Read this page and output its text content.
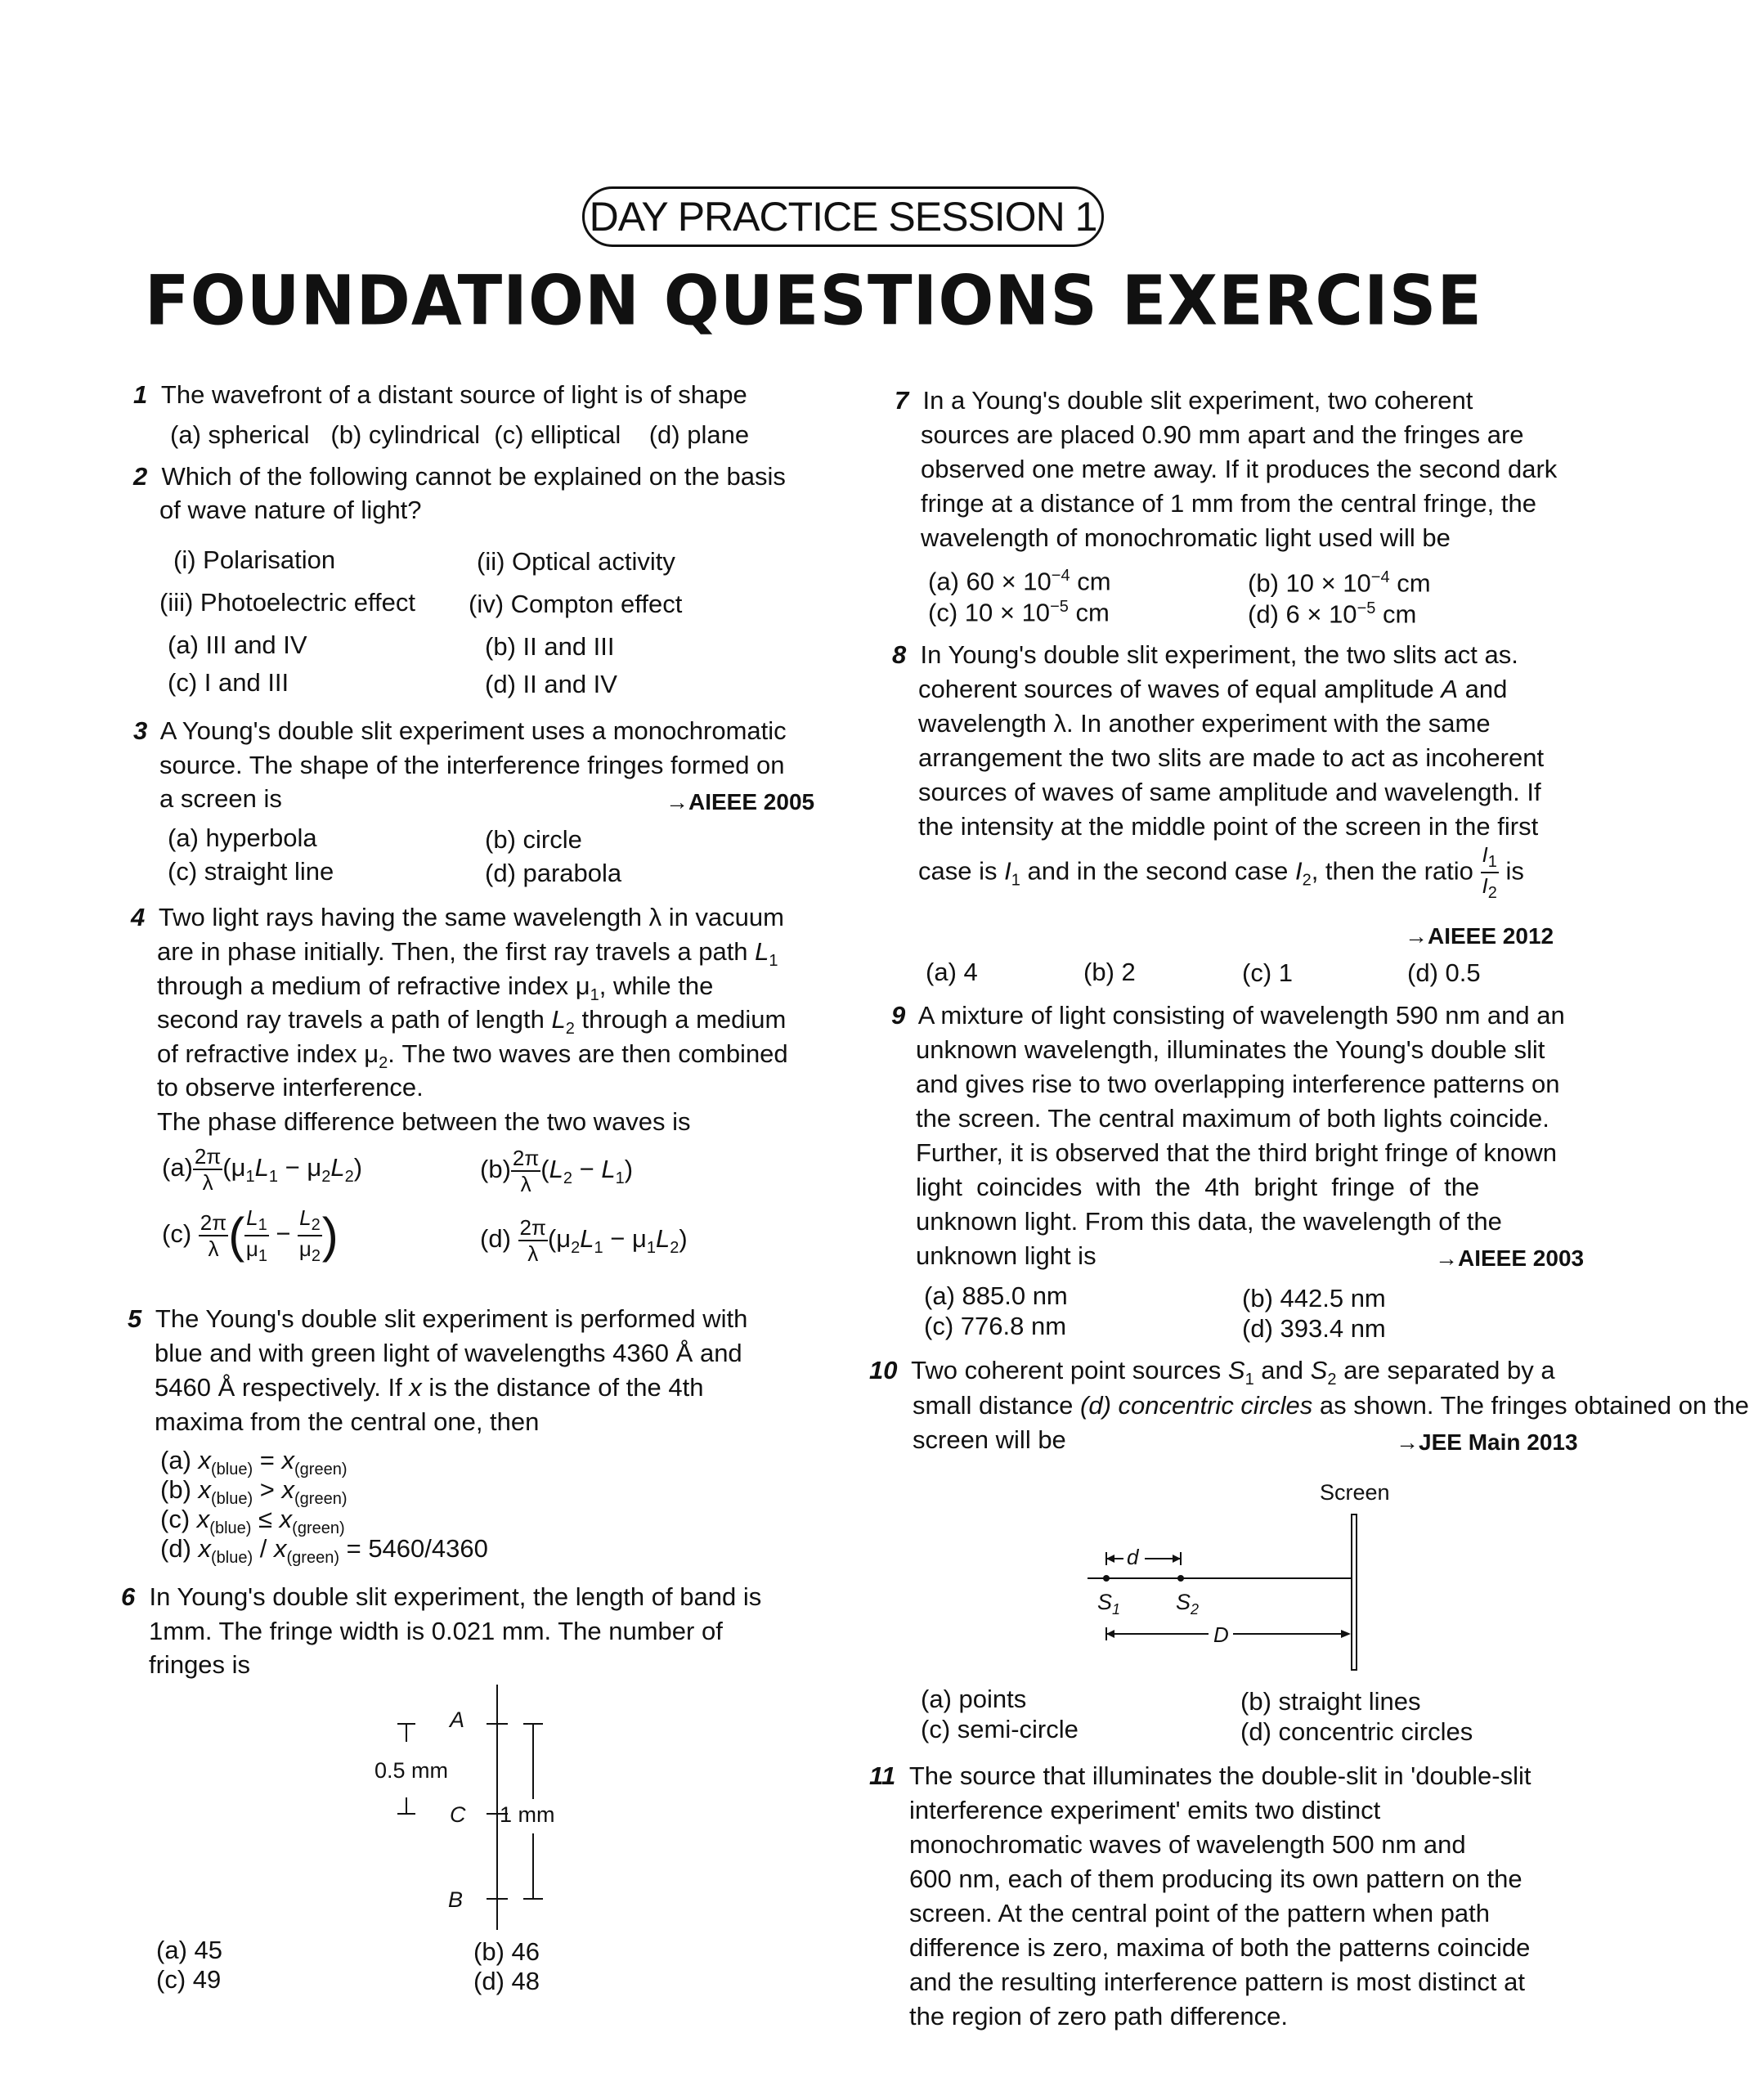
DAY PRACTICE SESSION 1
FOUNDATION QUESTIONS EXERCISE
1 The wavefront of a distant source of light is of shape
(a) spherical (b) cylindrical (c) elliptical (d) plane
2 Which of the following cannot be explained on the basis
of wave nature of light?
(i) Polarisation	(ii) Optical activity
(iii) Photoelectric effect (iv) Compton effect
(a) III and IV	(b) II and III
(c) I and III	(d) II and IV
3 A Young's double slit experiment uses a monochromatic
source. The shape of the interference fringes formed on
a screen is	→AIEEE 2005
(a) hyperbola	(b) circle
(c) straight line	(d) parabola
4 Two light rays having the same wavelength λ in vacuum
are in phase initially. Then, the first ray travels a path $L_1$
through a medium of refractive index $\mu_1$, while the
second ray travels a path of length $L_2$ through a medium
of refractive index $\mu_2$. The two waves are then combined
to observe interference.
The phase difference between the two waves is
$(a) \frac{2\pi}{\lambda} (\mu_1L_1 - \mu_2L_2)$	$(b) \frac{2\pi}{\lambda} (L_2 - L_1)$
$(c) \frac{2\pi}{\lambda}$ ( $\frac{L_1}{\mu_1} - \frac{L_2}{\mu_2}$ )	$(d) \frac{2\pi}{\lambda} (\mu_2L_1 - \mu_1L_2)$
5 The Young's double slit experiment is performed with
blue and with green light of wavelengths 4360 Å and
5460 Å respectively. If x is the distance of the 4th
maxima from the central one, then
(a) $x_{(blue)} = x_{(green)}$
(b) $x_{(blue)} > x_{(green)}$
(c) $x_{(blue)} \le x_{(green)}$
(d) $x_{(blue)} / x_{(green)} = 5460/4360$
6 In Young's double slit experiment, the length of band is
1mm. The fringe width is 0.021 mm. The number of
fringes is
A
C
B
0.5 mm
1 mm
(a) 45	(b) 46
(c) 49	(d) 48
7 In a Young's double slit experiment, two coherent
sources are placed 0.90 mm apart and the fringes are
observed one metre away. If it produces the second dark
fringe at a distance of 1 mm from the central fringe, the
wavelength of monochromatic light used will be
(a) $60 \times 10^{-4}$ cm	(b) $10 \times 10^{-4}$ cm
(c) $10 \times 10^{-5}$ cm	(d) $6 \times 10^{-5}$ cm
8 In Young's double slit experiment, the two slits act as.
coherent sources of waves of equal amplitude A and
wavelength λ. In another experiment with the same
arrangement the two slits are made to act as incoherent
sources of waves of same amplitude and wavelength. If
the intensity at the middle point of the screen in the first
case is $I_1$ and in the second case $I_2$, then the ratio $\frac{I_1}{I_2}$ is
→AIEEE 2012
(a) 4	(b) 2	(c) 1	(d) 0.5
9 A mixture of light consisting of wavelength 590 nm and an
unknown wavelength, illuminates the Young's double slit
and gives rise to two overlapping interference patterns on
the screen. The central maximum of both lights coincide.
Further, it is observed that the third bright fringe of known
light  coincides  with  the  4th  bright  fringe  of  the
unknown light. From this data, the wavelength of the
unknown light is	→AIEEE 2003
(a) 885.0 nm	(b) 442.5 nm
(c) 776.8 nm	(d) 393.4 nm
10 Two coherent point sources $S_1$ and $S_2$ are separated by a
small distance (d) concentric circles as shown. The fringes obtained on the
screen will be	→JEE Main 2013
Screen
d
D
$S_1$	$S_2$
(a) points	(b) straight lines
(c) semi-circle	(d) concentric circles
11 The source that illuminates the double-slit in 'double-slit
interference experiment' emits two distinct
monochromatic waves of wavelength 500 nm and
600 nm, each of them producing its own pattern on the
screen. At the central point of the pattern when path
difference is zero, maxima of both the patterns coincide
and the resulting interference pattern is most distinct at
the region of zero path difference.
